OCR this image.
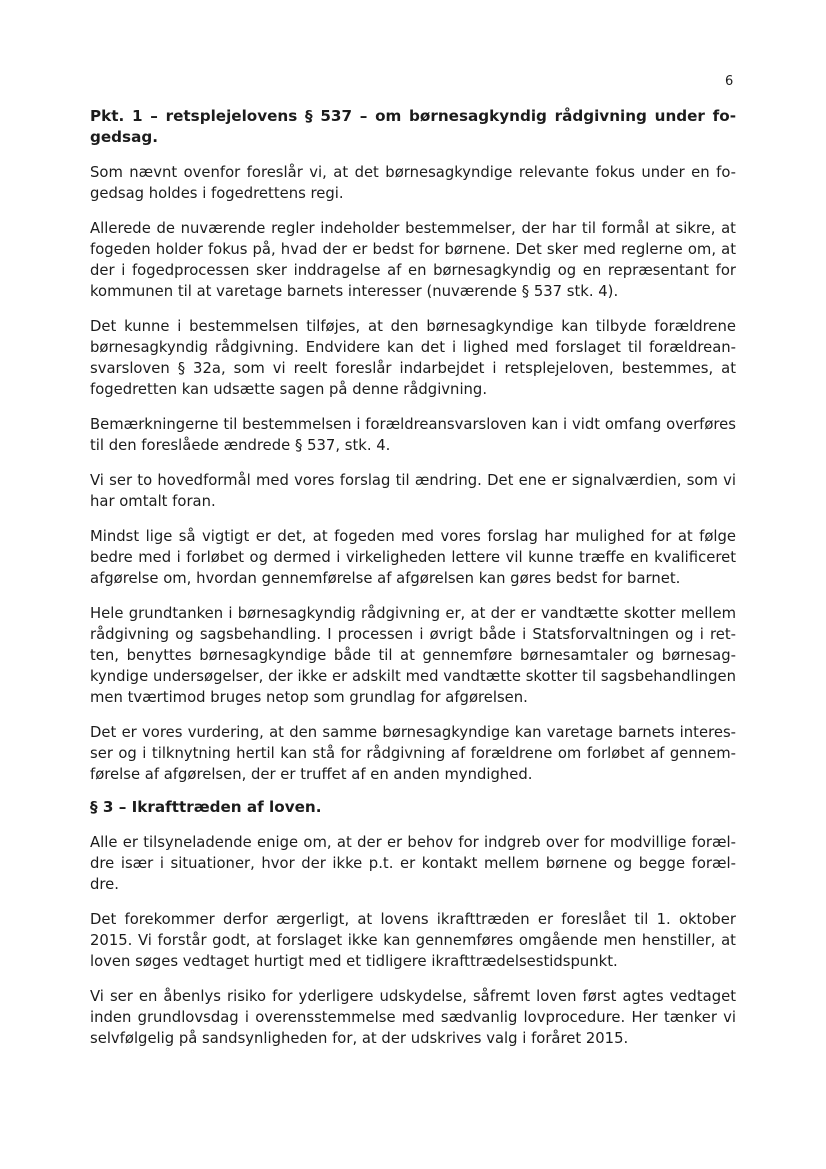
6
Pkt. 1 – retsplejelovens § 537 – om børnesagkyndig rådgivning under fo-
gedsag.
Som nævnt ovenfor foreslår vi, at det børnesagkyndige relevante fokus under en fo-
gedsag holdes i fogedrettens regi.
Allerede de nuværende regler indeholder bestemmelser, der har til formål at sikre, at
fogeden holder fokus på, hvad der er bedst for børnene. Det sker med reglerne om, at
der i fogedprocessen sker inddragelse af en børnesagkyndig og en repræsentant for
kommunen til at varetage barnets interesser (nuværende § 537 stk. 4).
Det kunne i bestemmelsen tilføjes, at den børnesagkyndige kan tilbyde forældrene
børnesagkyndig rådgivning. Endvidere kan det i lighed med forslaget til forældrean-
svarsloven § 32a, som vi reelt foreslår indarbejdet i retsplejeloven, bestemmes, at
fogedretten kan udsætte sagen på denne rådgivning.
Bemærkningerne til bestemmelsen i forældreansvarsloven kan i vidt omfang overføres
til den foreslåede ændrede § 537, stk. 4.
Vi ser to hovedformål med vores forslag til ændring. Det ene er signalværdien, som vi
har omtalt foran.
Mindst lige så vigtigt er det, at fogeden med vores forslag har mulighed for at følge
bedre med i forløbet og dermed i virkeligheden lettere vil kunne træffe en kvalificeret
afgørelse om, hvordan gennemførelse af afgørelsen kan gøres bedst for barnet.
Hele grundtanken i børnesagkyndig rådgivning er, at der er vandtætte skotter mellem
rådgivning og sagsbehandling. I processen i øvrigt både i Statsforvaltningen og i ret-
ten, benyttes børnesagkyndige både til at gennemføre børnesamtaler og børnesag-
kyndige undersøgelser, der ikke er adskilt med vandtætte skotter til sagsbehandlingen
men tværtimod bruges netop som grundlag for afgørelsen.
Det er vores vurdering, at den samme børnesagkyndige kan varetage barnets interes-
ser og i tilknytning hertil kan stå for rådgivning af forældrene om forløbet af gennem-
førelse af afgørelsen, der er truffet af en anden myndighed.
§ 3 – Ikrafttræden af loven.
Alle er tilsyneladende enige om, at der er behov for indgreb over for modvillige foræl-
dre især i situationer, hvor der ikke p.t. er kontakt mellem børnene og begge foræl-
dre.
Det forekommer derfor ærgerligt, at lovens ikrafttræden er foreslået til 1. oktober
2015. Vi forstår godt, at forslaget ikke kan gennemføres omgående men henstiller, at
loven søges vedtaget hurtigt med et tidligere ikrafttrædelsestidspunkt.
Vi ser en åbenlys risiko for yderligere udskydelse, såfremt loven først agtes vedtaget
inden grundlovsdag i overensstemmelse med sædvanlig lovprocedure. Her tænker vi
selvfølgelig på sandsynligheden for, at der udskrives valg i foråret 2015.
